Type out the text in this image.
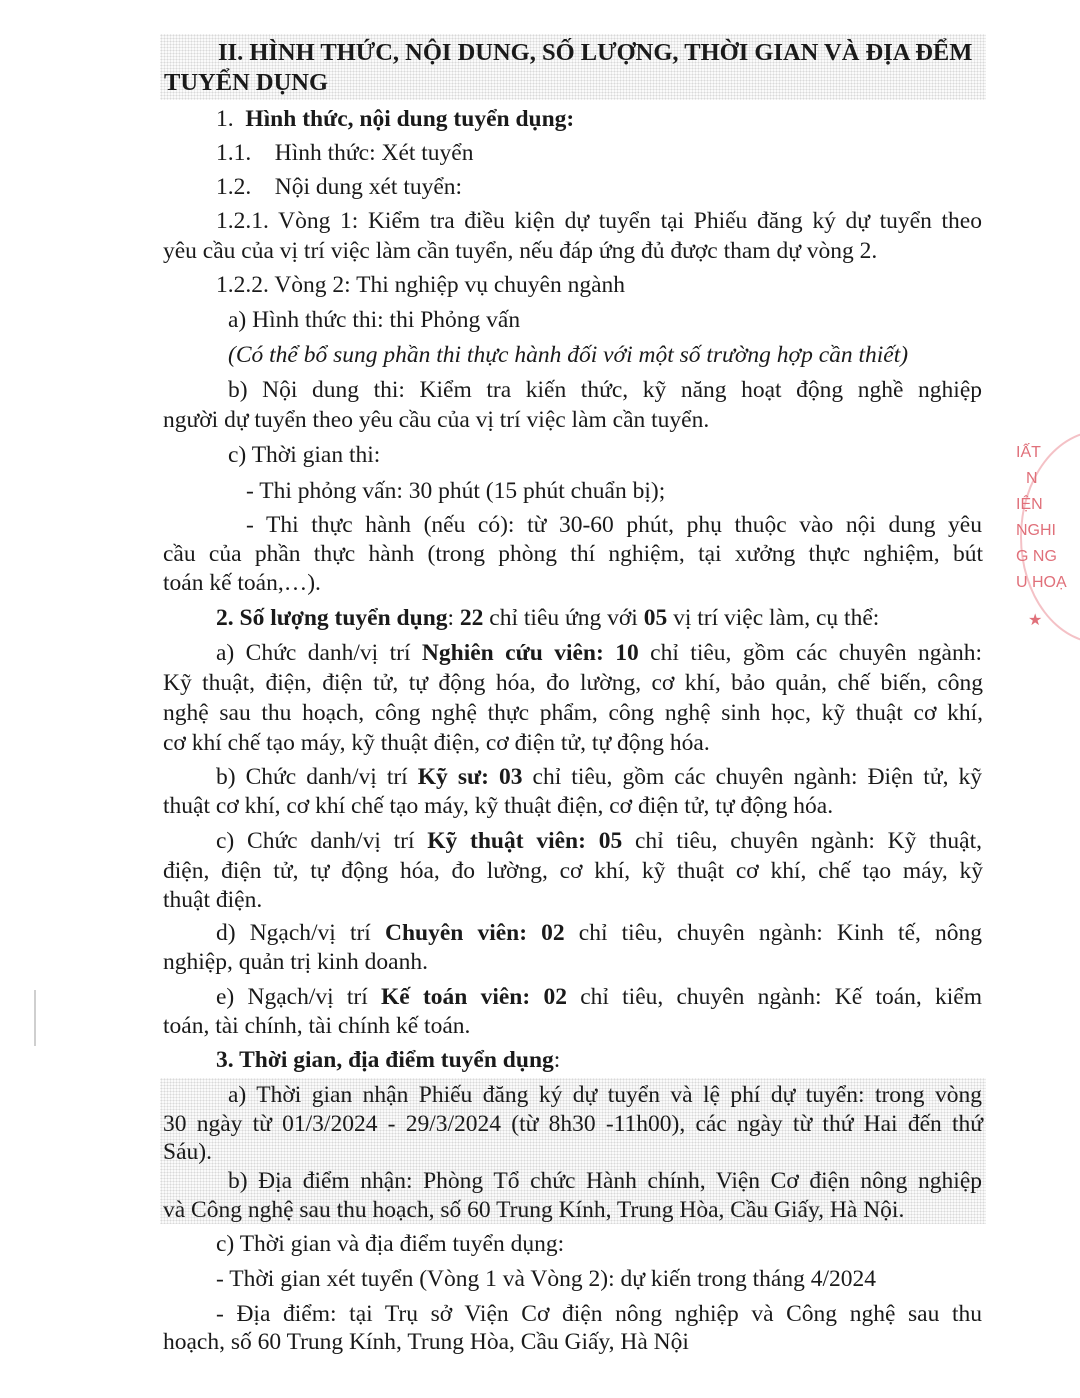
II. HÌNH THỨC, NỘI DUNG, SỐ LƯỢNG, THỜI GIAN VÀ ĐỊA ĐỂM
TUYỂN DỤNG
1. Hình thức, nội dung tuyển dụng:
1.1. Hình thức: Xét tuyển
1.2. Nội dung xét tuyển:
1.2.1. Vòng 1: Kiểm tra điều kiện dự tuyển tại Phiếu đăng ký dự tuyển theo
yêu cầu của vị trí việc làm cần tuyển, nếu đáp ứng đủ được tham dự vòng 2.
1.2.2. Vòng 2: Thi nghiệp vụ chuyên ngành
a) Hình thức thi: thi Phỏng vấn
(Có thể bổ sung phần thi thực hành đối với một số trường hợp cần thiết)
b) Nội dung thi: Kiểm tra kiến thức, kỹ năng hoạt động nghề nghiệp
người dự tuyển theo yêu cầu của vị trí việc làm cần tuyển.
c) Thời gian thi:
- Thi phỏng vấn: 30 phút (15 phút chuẩn bị);
- Thi thực hành (nếu có): từ 30-60 phút, phụ thuộc vào nội dung yêu
cầu của phần thực hành (trong phòng thí nghiệm, tại xưởng thực nghiệm, bút
toán kế toán,…).
2. Số lượng tuyển dụng: 22 chỉ tiêu ứng với 05 vị trí việc làm, cụ thể:
a) Chức danh/vị trí Nghiên cứu viên: 10 chỉ tiêu, gồm các chuyên ngành:
Kỹ thuật, điện, điện tử, tự động hóa, đo lường, cơ khí, bảo quản, chế biến, công
nghệ sau thu hoạch, công nghệ thực phẩm, công nghệ sinh học, kỹ thuật cơ khí,
cơ khí chế tạo máy, kỹ thuật điện, cơ điện tử, tự động hóa.
b) Chức danh/vị trí Kỹ sư: 03 chỉ tiêu, gồm các chuyên ngành: Điện tử, kỹ
thuật cơ khí, cơ khí chế tạo máy, kỹ thuật điện, cơ điện tử, tự động hóa.
c) Chức danh/vị trí Kỹ thuật viên: 05 chỉ tiêu, chuyên ngành: Kỹ thuật,
điện, điện tử, tự động hóa, đo lường, cơ khí, kỹ thuật cơ khí, chế tạo máy, kỹ
thuật điện.
d) Ngạch/vị trí Chuyên viên: 02 chỉ tiêu, chuyên ngành: Kinh tế, nông
nghiệp, quản trị kinh doanh.
e) Ngạch/vị trí Kế toán viên: 02 chỉ tiêu, chuyên ngành: Kế toán, kiểm
toán, tài chính, tài chính kế toán.
3. Thời gian, địa điểm tuyển dụng:
a) Thời gian nhận Phiếu đăng ký dự tuyển và lệ phí dự tuyển: trong vòng
30 ngày từ 01/3/2024 - 29/3/2024 (từ 8h30 -11h00), các ngày từ thứ Hai đến thứ
Sáu).
b) Địa điểm nhận: Phòng Tổ chức Hành chính, Viện Cơ điện nông nghiệp
và Công nghệ sau thu hoạch, số 60 Trung Kính, Trung Hòa, Cầu Giấy, Hà Nội.
c) Thời gian và địa điểm tuyển dụng:
- Thời gian xét tuyển (Vòng 1 và Vòng 2): dự kiến trong tháng 4/2024
- Địa điểm: tại Trụ sở Viện Cơ điện nông nghiệp và Công nghệ sau thu
hoạch, số 60 Trung Kính, Trung Hòa, Cầu Giấy, Hà Nội
IẤT
N
IỆN
NGHI
G NG
U HOẠ
★
